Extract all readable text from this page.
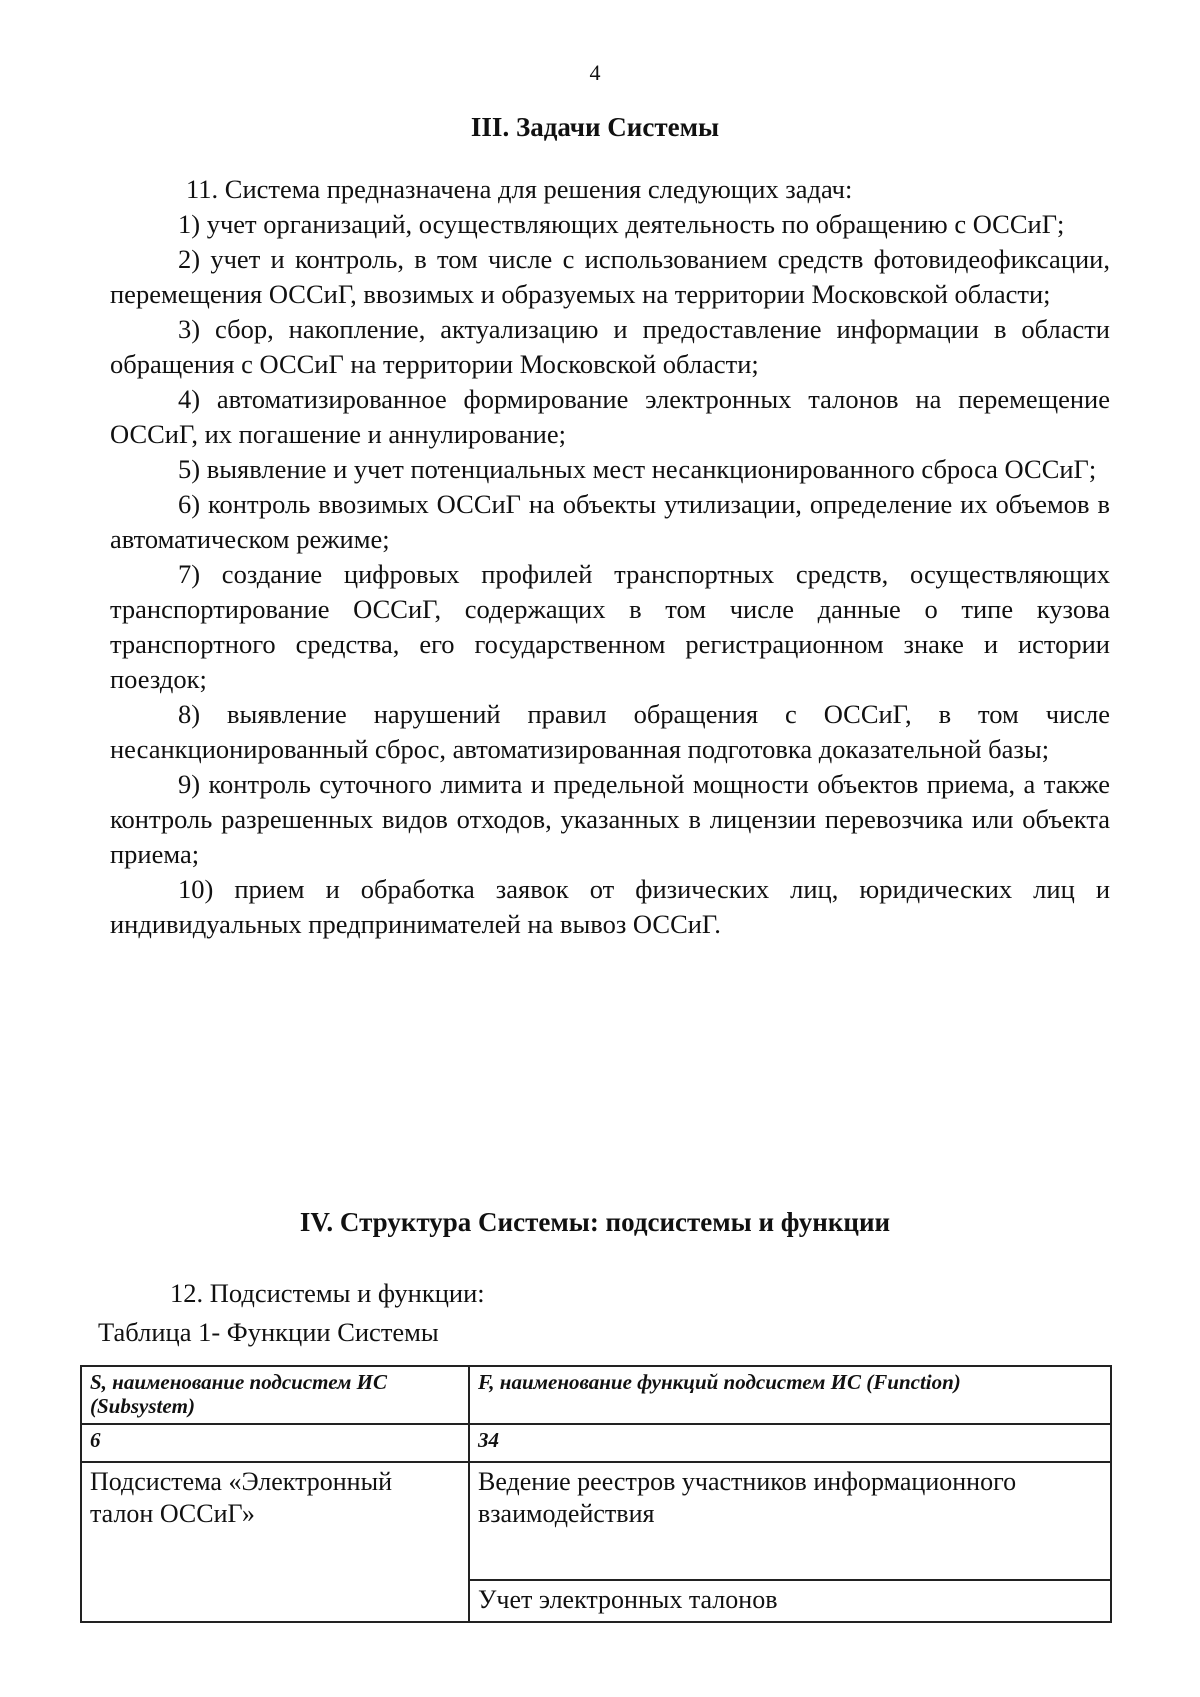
4
III. Задачи Системы

11. Система предназначена для решения следующих задач:

1) учет организаций, осуществляющих деятельность по обращению с ОССиГ;

2) учет и контроль, в том числе с использованием средств фотовидеофиксации, перемещения ОССиГ, ввозимых и образуемых на территории Московской области;

3) сбор, накопление, актуализацию и предоставление информации в области обращения с ОССиГ на территории Московской области;

4) автоматизированное формирование электронных талонов на перемещение ОССиГ, их погашение и аннулирование;

5) выявление и учет потенциальных мест несанкционированного сброса ОССиГ;

6) контроль ввозимых ОССиГ на объекты утилизации, определение их объемов в автоматическом режиме;

7) создание цифровых профилей транспортных средств, осуществляющих транспортирование ОССиГ, содержащих в том числе данные о типе кузова транспортного средства, его государственном регистрационном знаке и истории поездок;

8) выявление нарушений правил обращения с ОССиГ, в том числе несанкционированный сброс, автоматизированная подготовка доказательной базы;

9) контроль суточного лимита и предельной мощности объектов приема, а также контроль разрешенных видов отходов, указанных в лицензии перевозчика или объекта приема;

10) прием и обработка заявок от физических лиц, юридических лиц и индивидуальных предпринимателей на вывоз ОССиГ.

IV. Структура Системы: подсистемы и функции
12. Подсистемы и функции:
Таблица 1- Функции Системы
S, наименование подсистем ИС (Subsystem)	F, наименование функций подсистем ИС (Function)
6	34
Подсистема «Электронный талон ОССиГ»	Ведение реестров участников информационного взаимодействия
	Учет электронных талонов
